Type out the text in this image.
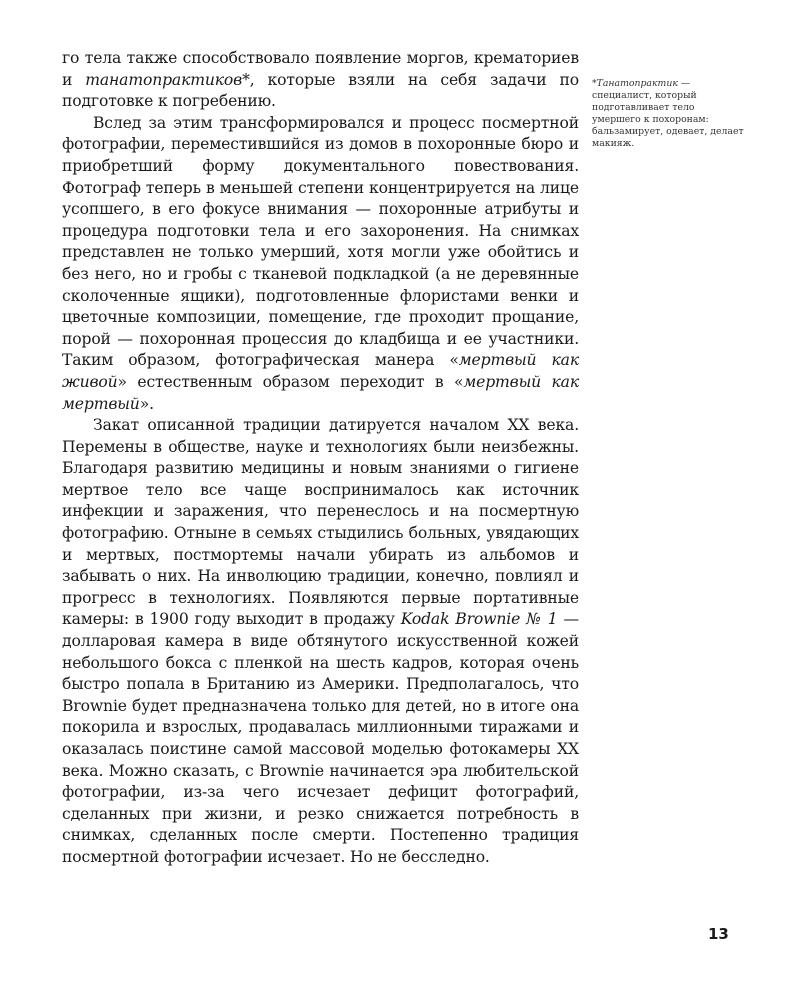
го тела также способствовало появление моргов, крематориев и танатопрактиков*, которые взяли на себя задачи по подготовке к погребению.

Вслед за этим трансформировался и процесс посмертной фотографии, переместившийся из домов в похоронные бюро и приобретший форму документального повествования. Фотограф теперь в меньшей степени концентрируется на лице усопшего, в его фокусе внимания — похоронные атрибуты и процедура подготовки тела и его захоронения. На снимках представлен не только умерший, хотя могли уже обойтись и без него, но и гробы с тканевой подкладкой (а не деревянные сколоченные ящики), подготовленные флористами венки и цветочные композиции, помещение, где проходит прощание, порой — похоронная процессия до кладбища и ее участники. Таким образом, фотографическая манера «мертвый как живой» естественным образом переходит в «мертвый как мертвый».

Закат описанной традиции датируется началом XX века. Перемены в обществе, науке и технологиях были неизбежны. Благодаря развитию медицины и новым знаниями о гигиене мертвое тело все чаще воспринималось как источник инфекции и заражения, что перенеслось и на посмертную фотографию. Отныне в семьях стыдились больных, увядающих и мертвых, постмортемы начали убирать из альбомов и забывать о них. На инволюцию традиции, конечно, повлиял и прогресс в технологиях. Появляются первые портативные камеры: в 1900 году выходит в продажу Kodak Brownie № 1 — долларовая камера в виде обтянутого искусственной кожей небольшого бокса с пленкой на шесть кадров, которая очень быстро попала в Британию из Америки. Предполагалось, что Brownie будет предназначена только для детей, но в итоге она покорила и взрослых, продавалась миллионными тиражами и оказалась поистине самой массовой моделью фотокамеры XX века. Можно сказать, с Brownie начинается эра любительской фотографии, из-за чего исчезает дефицит фотографий, сделанных при жизни, и резко снижается потребность в снимках, сделанных после смерти. Постепенно традиция посмертной фотографии исчезает. Но не бесследно.

*Танатопрактик — специалист, который подготавливает тело умершего к похоронам: бальзамирует, одевает, делает макияж.
13
